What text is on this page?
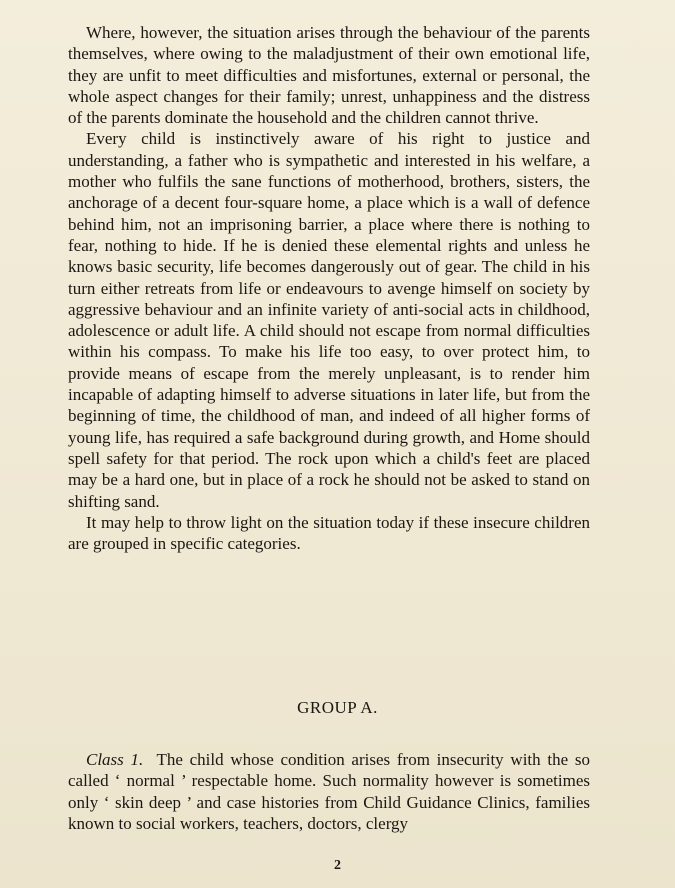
Where, however, the situation arises through the behaviour of the parents themselves, where owing to the maladjustment of their own emotional life, they are unfit to meet difficulties and misfortunes, external or personal, the whole aspect changes for their family; unrest, unhappiness and the distress of the parents dominate the household and the children cannot thrive.

Every child is instinctively aware of his right to justice and understanding, a father who is sympathetic and interested in his welfare, a mother who fulfils the sane functions of motherhood, brothers, sisters, the anchorage of a decent four-square home, a place which is a wall of defence behind him, not an imprisoning barrier, a place where there is nothing to fear, nothing to hide. If he is denied these elemental rights and unless he knows basic security, life becomes dangerously out of gear. The child in his turn either retreats from life or endeavours to avenge himself on society by aggressive behaviour and an infinite variety of anti-social acts in childhood, adolescence or adult life. A child should not escape from normal difficulties within his compass. To make his life too easy, to over protect him, to provide means of escape from the merely unpleasant, is to render him incapable of adapting himself to adverse situations in later life, but from the beginning of time, the childhood of man, and indeed of all higher forms of young life, has required a safe background during growth, and Home should spell safety for that period. The rock upon which a child's feet are placed may be a hard one, but in place of a rock he should not be asked to stand on shifting sand.

It may help to throw light on the situation today if these insecure children are grouped in specific categories.

GROUP A.

Class 1. The child whose condition arises from insecurity with the so called ‘ normal ’ respectable home. Such normality however is sometimes only ‘ skin deep ’ and case histories from Child Guidance Clinics, families known to social workers, teachers, doctors, clergy

2
